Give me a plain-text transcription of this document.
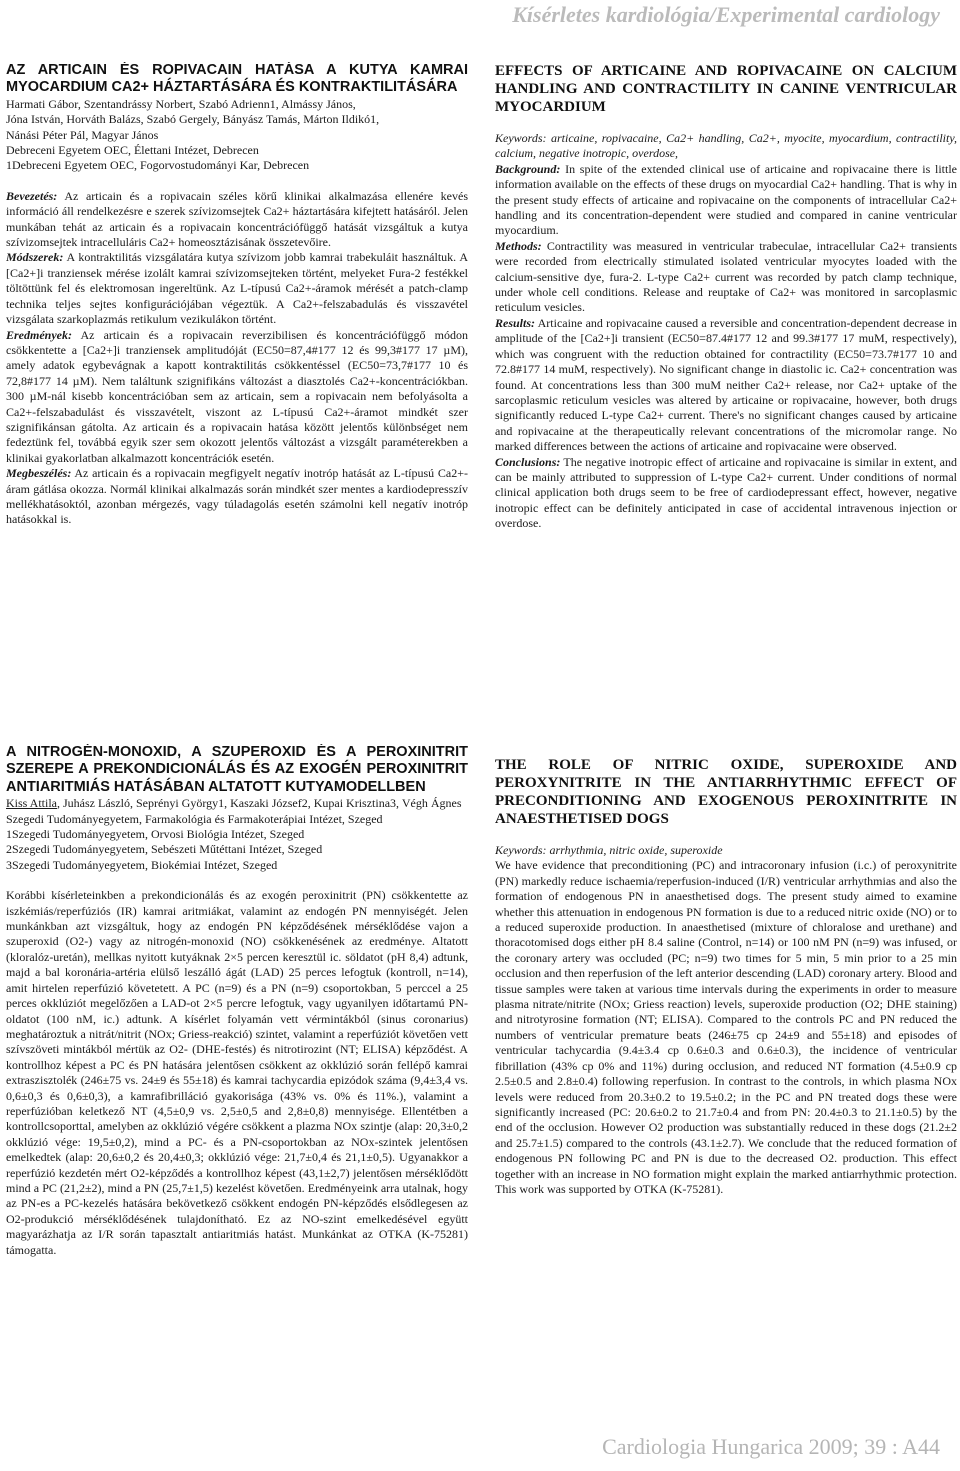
Kísérletes kardiológia/Experimental cardiology
AZ ARTICAIN ÉS ROPIVACAIN HATÁSA A KUTYA KAMRAI MYOCARDIUM CA2+ HÁZTARTÁSÁRA ÉS KONTRAKTILITÁSÁRA

Harmati Gábor, Szentandrássy Norbert, Szabó Adrienn1, Almássy János,

Jóna István, Horváth Balázs, Szabó Gergely, Bányász Tamás, Márton Ildikó1,

Nánási Péter Pál, Magyar János

Debreceni Egyetem OEC, Élettani Intézet, Debrecen

1Debreceni Egyetem OEC, Fogorvostudományi Kar, Debrecen

Bevezetés: Az articain és a ropivacain széles körű klinikai alkalmazása ellenére kevés információ áll rendelkezésre e szerek szívizomsejtek Ca2+ háztartására kifejtett hatásáról. Jelen munkában tehát az articain és a ropivacain koncentrációfüggő hatását vizsgáltuk a kutya szívizomsejtek intracelluláris Ca2+ homeosztázisának összetevőire.

Módszerek: A kontraktilitás vizsgálatára kutya szívizom jobb kamrai trabekuláit használtuk. A [Ca2+]i tranziensek mérése izolált kamrai szívizomsejteken történt, melyeket Fura-2 festékkel töltöttünk fel és elektromosan ingereltünk. Az L-típusú Ca2+-áramok mérését a patch-clamp technika teljes sejtes konfigurációjában végeztük. A Ca2+-felszabadulás és visszavétel vizsgálata szarkoplazmás retikulum vezikulákon történt.

Eredmények: Az articain és a ropivacain reverzibilisen és koncentrációfüggő módon csökkentette a [Ca2+]i tranziensek amplitudóját (EC50=87,4#177 12 és 99,3#177 17 µM), amely adatok egybevágnak a kapott kontraktilitás csökkentéssel (EC50=73,7#177 10 és 72,8#177 14 µM). Nem találtunk szignifikáns változást a diasztolés Ca2+-koncentrációkban. 300 µM-nál kisebb koncentrációban sem az articain, sem a ropivacain nem befolyásolta a Ca2+-felszabadulást és visszavételt, viszont az L-típusú Ca2+-áramot mindkét szer szignifikánsan gátolta. Az articain és a ropivacain hatása között jelentős különbséget nem fedeztünk fel, továbbá egyik szer sem okozott jelentős változást a vizsgált paraméterekben a klinikai gyakorlatban alkalmazott koncentrációk esetén.

Megbeszélés: Az articain és a ropivacain megfigyelt negatív inotróp hatását az L-típusú Ca2+-áram gátlása okozza. Normál klinikai alkalmazás során mindkét szer mentes a kardiodepresszív mellékhatásoktól, azonban mérgezés, vagy túladagolás esetén számolni kell negatív inotróp hatásokkal is.

EFFECTS OF ARTICAINE AND ROPIVACAINE ON CALCIUM HANDLING AND CONTRACTILITY IN CANINE VENTRICULAR MYOCARDIUM

Keywords: articaine, ropivacaine, Ca2+ handling, Ca2+, myocite, myocardium, contractility, calcium, negative inotropic, overdose,

Background: In spite of the extended clinical use of articaine and ropivacaine there is little information available on the effects of these drugs on myocardial Ca2+ handling. That is why in the present study effects of articaine and ropivacaine on the components of intracellular Ca2+ handling and its concentration-dependent were studied and compared in canine ventricular myocardium.

Methods: Contractility was measured in ventricular trabeculae, intracellular Ca2+ transients were recorded from electrically stimulated isolated ventricular myocytes loaded with the calcium-sensitive dye, fura-2. L-type Ca2+ current was recorded by patch clamp technique, under whole cell conditions. Release and reuptake of Ca2+ was monitored in sarcoplasmic reticulum vesicles.

Results: Articaine and ropivacaine caused a reversible and concentration-dependent decrease in amplitude of the [Ca2+]i transient (EC50=87.4#177 12 and 99.3#177 17 muM, respectively), which was congruent with the reduction obtained for contractility (EC50=73.7#177 10 and 72.8#177 14 muM, respectively). No significant change in diastolic ic. Ca2+ concentration was found. At concentrations less than 300 muM neither Ca2+ release, nor Ca2+ uptake of the sarcoplasmic reticulum vesicles was altered by articaine or ropivacaine, however, both drugs significantly reduced L-type Ca2+ current. There's no significant changes caused by articaine and ropivacaine at the therapeutically relevant concentrations of the micromolar range. No marked differences between the actions of articaine and ropivacaine were observed.

Conclusions: The negative inotropic effect of articaine and ropivacaine is similar in extent, and can be mainly attributed to suppression of L-type Ca2+ current. Under conditions of normal clinical application both drugs seem to be free of cardiodepressant effect, however, negative inotropic effect can be definitely anticipated in case of accidental intravenous injection or overdose.

A NITROGÉN-MONOXID, A SZUPEROXID ÉS A PEROXINITRIT SZEREPE A PREKONDICIONÁLÁS ÉS AZ EXOGÉN PEROXINITRIT ANTIARITMIÁS HATÁSÁBAN ALTATOTT KUTYAMODELLBEN

Kiss Attila, Juhász László, Seprényi György1, Kaszaki József2, Kupai Krisztina3, Végh Ágnes

Szegedi Tudományegyetem, Farmakológia és Farmakoterápiai Intézet, Szeged

1Szegedi Tudományegyetem, Orvosi Biológia Intézet, Szeged

2Szegedi Tudományegyetem, Sebészeti Műtéttani Intézet, Szeged

3Szegedi Tudományegyetem, Biokémiai Intézet, Szeged

Korábbi kísérleteinkben a prekondicionálás és az exogén peroxinitrit (PN) csökkentette az iszkémiás/reperfúziós (IR) kamrai aritmiákat, valamint az endogén PN mennyiségét. Jelen munkánkban azt vizsgáltuk, hogy az endogén PN képződésének mérséklődése vajon a szuperoxid (O2-) vagy az nitrogén-monoxid (NO) csökkenésének az eredménye. Altatott (kloralóz-uretán), mellkas nyitott kutyáknak 2×5 percen keresztül ic. söldatot (pH 8,4) adtunk, majd a bal koronária-artéria elülső leszálló ágát (LAD) 25 perces lefogtuk (kontroll, n=14), amit hirtelen reperfúzió követetett. A PC (n=9) és a PN (n=9) csoportokban, 5 perccel a 25 perces okklúziót megelőzően a LAD-ot 2×5 percre lefogtuk, vagy ugyanilyen időtartamú PN-oldatot (100 nM, ic.) adtunk. A kísérlet folyamán vett vérmintákból (sinus coronarius) meghatároztuk a nitrát/nitrit (NOx; Griess-reakció) szintet, valamint a reperfúziót követően vett szívszöveti mintákból mértük az O2- (DHE-festés) és nitrotirozint (NT; ELISA) képződést. A kontrollhoz képest a PC és PN hatására jelentősen csökkent az okklúzió során fellépő kamrai extraszisztolék (246±75 vs. 24±9 és 55±18) és kamrai tachycardia epizódok száma (9,4±3,4 vs. 0,6±0,3 és 0,6±0,3), a kamrafibrilláció gyakorisága (43% vs. 0% és 11%.), valamint a reperfúzióban keletkező NT (4,5±0,9 vs. 2,5±0,5 and 2,8±0,8) mennyisége. Ellentétben a kontrollcsoporttal, amelyben az okklúzió végére csökkent a plazma NOx szintje (alap: 20,3±0,2 okklúzió vége: 19,5±0,2), mind a PC- és a PN-csoportokban az NOx-szintek jelentősen emelkedtek (alap: 20,6±0,2 és 20,4±0,3; okklúzió vége: 21,7±0,4 és 21,1±0,5). Ugyanakkor a reperfúzió kezdetén mért O2-képződés a kontrollhoz képest (43,1±2,7) jelentősen mérséklődött mind a PC (21,2±2), mind a PN (25,7±1,5) kezelést követően. Eredményeink arra utalnak, hogy az PN-es a PC-kezelés hatására bekövetkező csökkent endogén PN-képződés elsődlegesen az O2-produkció mérséklődésének tulajdonítható. Ez az NO-szint emelkedésével együtt magyarázhatja az I/R során tapasztalt antiaritmiás hatást. Munkánkat az OTKA (K-75281) támogatta.

THE ROLE OF NITRIC OXIDE, SUPEROXIDE AND PEROXYNITRITE IN THE ANTIARRHYTHMIC EFFECT OF PRECONDITIONING AND EXOGENOUS PEROXINITRITE IN ANAESTHETISED DOGS

Keywords: arrhythmia, nitric oxide, superoxide

We have evidence that preconditioning (PC) and intracoronary infusion (i.c.) of peroxynitrite (PN) markedly reduce ischaemia/reperfusion-induced (I/R) ventricular arrhythmias and also the formation of endogenous PN in anaesthetised dogs. The present study aimed to examine whether this attenuation in endogenous PN formation is due to a reduced nitric oxide (NO) or to a reduced superoxide production. In anaesthetised (mixture of chloralose and urethane) and thoracotomised dogs either pH 8.4 saline (Control, n=14) or 100 nM PN (n=9) was infused, or the coronary artery was occluded (PC; n=9) two times for 5 min, 5 min prior to a 25 min occlusion and then reperfusion of the left anterior descending (LAD) coronary artery. Blood and tissue samples were taken at various time intervals during the experiments in order to measure plasma nitrate/nitrite (NOx; Griess reaction) levels, superoxide production (O2; DHE staining) and nitrotyrosine formation (NT; ELISA). Compared to the controls PC and PN reduced the numbers of ventricular premature beats (246±75 cp 24±9 and 55±18) and episodes of ventricular tachycardia (9.4±3.4 cp 0.6±0.3 and 0.6±0.3), the incidence of ventricular fibrillation (43% cp 0% and 11%) during occlusion, and reduced NT formation (4.5±0.9 cp 2.5±0.5 and 2.8±0.4) following reperfusion. In contrast to the controls, in which plasma NOx levels were reduced from 20.3±0.2 to 19.5±0.2; in the PC and PN treated dogs these were significantly increased (PC: 20.6±0.2 to 21.7±0.4 and from PN: 20.4±0.3 to 21.1±0.5) by the end of the occlusion. However O2 production was substantially reduced in these dogs (21.2±2 and 25.7±1.5) compared to the controls (43.1±2.7). We conclude that the reduced formation of endogenous PN following PC and PN is due to the decreased O2. production. This effect together with an increase in NO formation might explain the marked antiarrhythmic protection. This work was supported by OTKA (K-75281).

Cardiologia Hungarica 2009; 39 : A44
